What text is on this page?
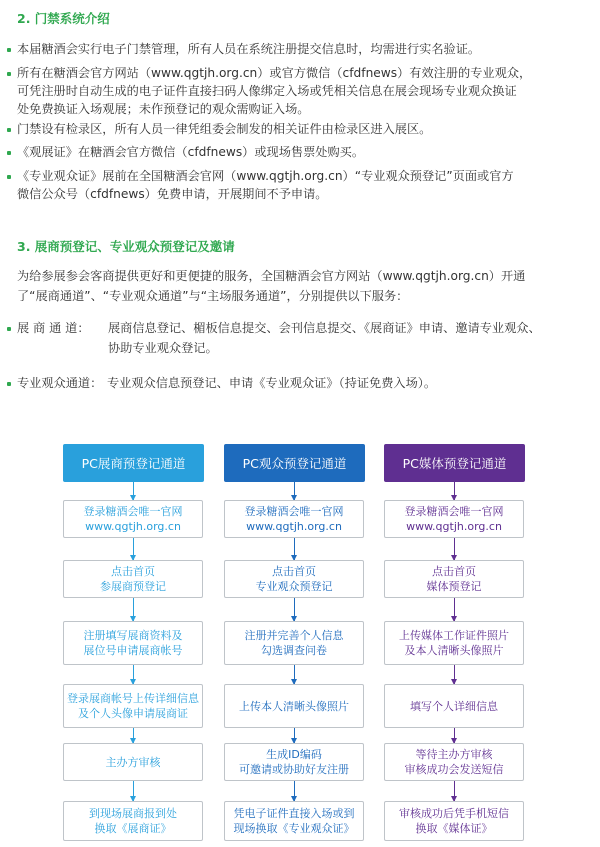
2. 门禁系统介绍
本届糖酒会实行电子门禁管理，所有人员在系统注册提交信息时，均需进行实名验证。
所有在糖酒会官方网站（www.qgtjh.org.cn）或官方微信（cfdfnews）有效注册的专业观众，
可凭注册时自动生成的电子证件直接扫码人像绑定入场或凭相关信息在展会现场专业观众换证
处免费换证入场观展；未作预登记的观众需购证入场。
门禁设有检录区，所有人员一律凭组委会制发的相关证件由检录区进入展区。
《观展证》在糖酒会官方微信（cfdfnews）或现场售票处购买。
《专业观众证》展前在全国糖酒会官网（www.qgtjh.org.cn）“专业观众预登记”页面或官方
微信公众号（cfdfnews）免费申请，开展期间不予申请。
3. 展商预登记、专业观众预登记及邀请
为给参展参会客商提供更好和更便捷的服务，全国糖酒会官方网站（www.qgtjh.org.cn）开通
了“展商通道”、“专业观众通道”与“主场服务通道”，分别提供以下服务：
展 商 通 道： 展商信息登记、楣板信息提交、会刊信息提交、《展商证》申请、邀请专业观众、
协助专业观众登记。
专业观众通道： 专业观众信息预登记、申请《专业观众证》（持证免费入场）。
PC展商预登记通道
登录糖酒会唯一官网
www.qgtjh.org.cn
点击首页
参展商预登记
注册填写展商资料及
展位号申请展商帐号
登录展商帐号上传详细信息
及个人头像申请展商证
主办方审核
到现场展商报到处
换取《展商证》
PC观众预登记通道
登录糖酒会唯一官网
www.qgtjh.org.cn
点击首页
专业观众预登记
注册并完善个人信息
勾选调查问卷
上传本人清晰头像照片
生成ID编码
可邀请或协助好友注册
凭电子证件直接入场或到
现场换取《专业观众证》
PC媒体预登记通道
登录糖酒会唯一官网
www.qgtjh.org.cn
点击首页
媒体预登记
上传媒体工作证件照片
及本人清晰头像照片
填写个人详细信息
等待主办方审核
审核成功会发送短信
审核成功后凭手机短信
换取《媒体证》
